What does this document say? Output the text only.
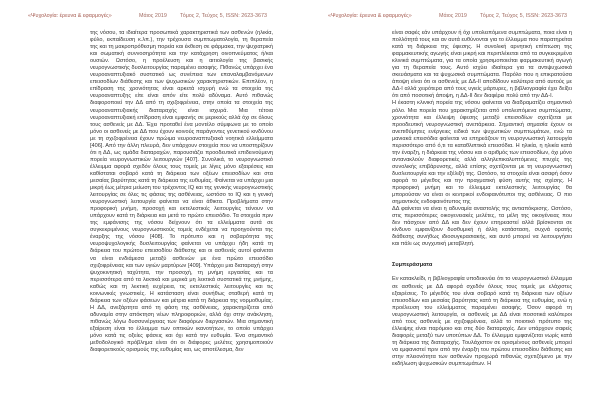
«Ψυχολογία: έρευνα & εφαρμογές»	Μάιος 2019 Τόμος 2, Τεύχος 5, ISSN: 2623-3673

της νόσου, τα ιδιαίτερα προσωπικά χαρακτηριστικά των ασθενών (ηλικία, φύλο, εκπαίδευση κ.λπ.), την τρέχουσα συμπτωματολογία, τη θεραπεία της και τη μακροπρόθεσμη πορεία και έκθεση σε φάρμακα, την ψυχιατρική και σωματική συννοσηρότητα και την κατάχρηση οινοπνεύματος ή/και ουσιών. Ωστόσο, η προέλευση και η αιτιολογία της βασικής νευρογνωστικής δυσλειτουργίας παραμένει ασαφής. Πιθανώς υπάρχει ένα νευροαναπτυξιακό συστατικό ως συνέπεια των επαναλαμβανόμενων επεισοδίων διάθεσης και των ψυχωσικών χαρακτηριστικών. Επιπλέον, η επίδραση της χρονιότητας είναι αρκετά ισχυρή ενώ τα στοιχεία της νευροαναπτυξης είτε είναι απόν είτε πολύ αδύναμα. Αυτό πιθανώς διαφοροποιεί την ΔΔ από τη σχιζοφρένεια, στην οποία τα στοιχεία της νευροαναπτυξιακής διαταραχής είναι ισχυρά. Μια τέτοια νευροαναπτυξιακή επίδραση είναι εμφανής σε μερικούς αλλά όχι σε όλους τους ασθενείς με ΔΔ. Έχει προταθεί ένα μοντέλο σύμφωνα με το οποίο μόνο οι ασθενείς με ΔΔ που έχουν κοινούς παράγοντες γενετικού κινδύνου με τη σχιζοφρένεια έχουν πρώιμα νευροαναπτυξιακά νοητικά ελλείμματα [406]. Από την άλλη πλευρά, δεν υπάρχουν στοιχεία που να υποστηρίζουν ότι η ΔΔ, ως ομάδα διαταραχών, παρουσιάζει προοδευτικά επιδεινούμενη πορεία νευρογνωστικών λειτουργιών [407]. Συνολικά, το νευρογνωστικό έλλειμμα αφορά σχεδόν όλους τους τομείς με λίγες μόνο εξαιρέσεις και καθίσταται σοβαρό κατά τη διάρκεια των οξέων επεισοδίων και στα μεσαίας βαρύτητας κατά τη διάρκεια της ευθυμίας. Φαίνεται να υπάρχει μια μικρή έως μέτρια μείωση του τρέχοντος IQ και της γενικής νευρογνωστικής λειτουργίας σε όλες τις φάσεις της ασθένειας, ωστόσο το IQ και η γενική νευρογνωστική λειτουργία φαίνεται να είναι άθικτα. Προβλήματα στην προφορική μνήμη, προσοχή και εκτελεστικές λειτουργίες τείνουν να υπάρχουν κατά τη διάρκεια και μετά το πρώτο επεισόδιο. Τα στοιχεία πριν της εμφάνισης της νόσου δείχνουν ότι τα ελλείμματα αυτά σε συγκεκριμένους νευρογνωστικούς τομείς ενδέχεται να προηγούνται της έναρξης της νόσου [408]. Το πρότυπο και η σοβαρότητα της νευροψυχολογικής δυσλειτουργίας φαίνεται να υπάρχει ήδη κατά τη διάρκεια του πρώτου επεισοδίου διάθεσης και οι ασθενείς αυτοί φαίνεται να είναι ενδιάμεσα μεταξύ ασθενών με ένα πρώτο επεισόδιο σχιζοφρένειας και των υγιών μαρτύρων [409]. Υπάρχει μια διαταραχή στην ψυχοκινητική ταχύτητα, την προσοχή, τη μνήμη εργασίας και τα περισσότερα από τα λεκτικά και μερικά μη λεκτικά συστατικά της μνήμης, καθώς και τη λεκτική ευχέρεια, τις εκτελεστικές λειτουργίες και τις κοινωνικές γνωστικές. Η κατάσταση είναι συνήθως σταθερή κατά τη διάρκεια των οξέων φάσεων και μέτρια κατά τη διάρκεια της νορμοθυμίας. Η ΔΔ, ανεξάρτητα από τη φάση της ασθένειας, χαρακτηρίζεται από αδυναμία στην απόκτηση νέων πληροφοριών, αλλά όχι στην ανάκληση, πιθανώς λόγω δυσσυνέργειας των διαφόρων διεργασιών. Μια σημαντική εξαίρεση είναι το έλλειμμα των οπτικών ικανοτήτων, το οποίο υπάρχει μόνο κατά τις οξείες φάσεις και όχι κατά την ευθυμία. Ένα σημαντικό μεθοδολογικό πρόβλημα είναι ότι οι διάφορες μελέτες χρησιμοποιούν διαφορετικούς ορισμούς της ευθυμίας και, ως αποτέλεσμα, δεν

«Ψυχολογία: έρευνα & εφαρμογές»	Μάιος 2019 Τόμος 2, Τεύχος 5, ISSN: 2623-3673

είναι σαφές εάν υπάρχουν ή όχι υπολειπόμενα συμπτώματα, ποια είναι η πολλότητά τους και αν αυτά ευθύνονται για το έλλειμμα που παρατηρείται κατά τη διάρκεια της ύφεσης. Η συνολική αρνητική επίπτωση της φαρμακευτικής αγωγής είναι μικρή και περιπλέκεται από τα συγκεκριμένα κλινικά συμπτώματα, για τα οποία χρησιμοποιείται φαρμακευτική αγωγή για τη θεραπεία τους. Αυτό ισχύει ιδιαίτερα για τα αντιψυχωσικά σκευάσματα και τα ψυχωσικά συμπτώματα. Παρόλο που η επικρατούσα άποψη είναι ότι οι ασθενείς με ΔΔ-ΙΙ αποδίδουν καλύτερα από αυτούς με ΔΔ-Ι αλλά χειρότερα από τους υγιείς μάρτυρες, η βιβλιογραφία έχει δείξει ότι από ποσοτική άποψη, η ΔΔ-ΙΙ δεν διαφέρει πολύ από την ΔΔ-Ι.

Η έκαστη κλινική πορεία της νόσου φαίνεται να διαδραματίζει σημαντικό ρόλο. Μια πορεία που χαρακτηρίζεται από υπολειπόμενα συμπτώματα, χρονιότητα και έλλειψη ύφεσης μεταξύ επεισοδίων σχετίζεται με προοδευτική νευρογνωστική ανεπάρκεια. Σημαντική σημασία έχουν οι ανεπιθύμητες ενέργειες ειδικά των ψυχωτικών συμπτωμάτων, ενώ τα μανιακά επεισόδια φαίνεται να επηρεάζουν τη νευρογνωστική λειτουργία περισσότερο από ό,τι τα καταθλιπτικά επεισόδια. Η ηλικία, η ηλικία κατά την έναρξη, η διάρκεια της νόσου και ο αριθμός των επεισοδίων, όχι μόνο αντανακλούν διαφορετικές αλλά αλληλεπικαλυπτόμενες πτυχές της συνολικής επιβάρυνσης, αλλά επίσης σχετίζονται με τη νευρογνωστική δυσλειτουργία και την εξέλιξή της. Ωστόσο, τα στοιχεία είναι ασαφή όσον αφορά το μέγεθος και την πραγματική φύση αυτής της σχέσης. Η προφορική μνήμη και το έλλειμμα εκτελεστικής λειτουργίας θα μπορούσαν να είναι οι κεντρικοί ενδοφαινότυποι της ασθένειας. Ο πιο σημαντικός ενδοφαινότυπος της

ΔΔ φαίνεται να είναι η αδυναμία αναστολής της αντιαπόκρισης. Ωστόσο, στις περισσότερες οικογενειακές μελέτες, τα μέλη της οικογένειας που δεν πάσχουν από ΔΔ και δεν έχουν επηρεαστεί αλλά βρίσκονται σε κίνδυνο εμφανίζουν δυσθυμική ή άλλη κατάσταση, συχνά ορατής διάθεσης συνήθως ιδιοσυγκρασιακής, και αυτό μπορεί να λειτουργήσει και πάλι ως συγχυτική μεταβλητή.

Συμπεράσματα

Εν κατακλείδι, η βιβλιογραφία υποδεικνύει ότι το νευρογνωστικό έλλειμμα σε ασθενείς με ΔΔ αφορά σχεδόν όλους τους τομείς με ελάχιστες εξαιρέσεις. Το μέγεθός του είναι σοβαρό κατά τη διάρκεια των οξέων επεισοδίων και μεσαίας βαρύτητας κατά τη διάρκεια της ευθυμίας, ενώ η προέλευση του ελλείμματος παραμένει ασαφής. Όσον αφορά τη νευρογνωστική λειτουργία, οι ασθενείς με ΔΔ είναι ποσοτικά καλύτεροι από τους ασθενείς με σχιζοφρένεια, αλλά το ποιοτικό πρότυπο της έλλειψης είναι παρόμοιο και στις δύο διαταραχές. Δεν υπάρχουν σαφείς διαφορές μεταξύ των υποτύπων ΔΔ. Το έλλειμμα εμφανίζεται νωρίς κατά τη διάρκεια της διαταραχής. Τουλάχιστον σε ορισμένους ασθενείς μπορεί να εμφανιστεί πριν από την έναρξη του πρώτου επεισοδίου διάθεσης και στην πλειονότητα των ασθενών προχωρά πιθανώς σχετιζόμενο με την εκδήλωση ψυχωσικών συμπτωμάτων. Η
